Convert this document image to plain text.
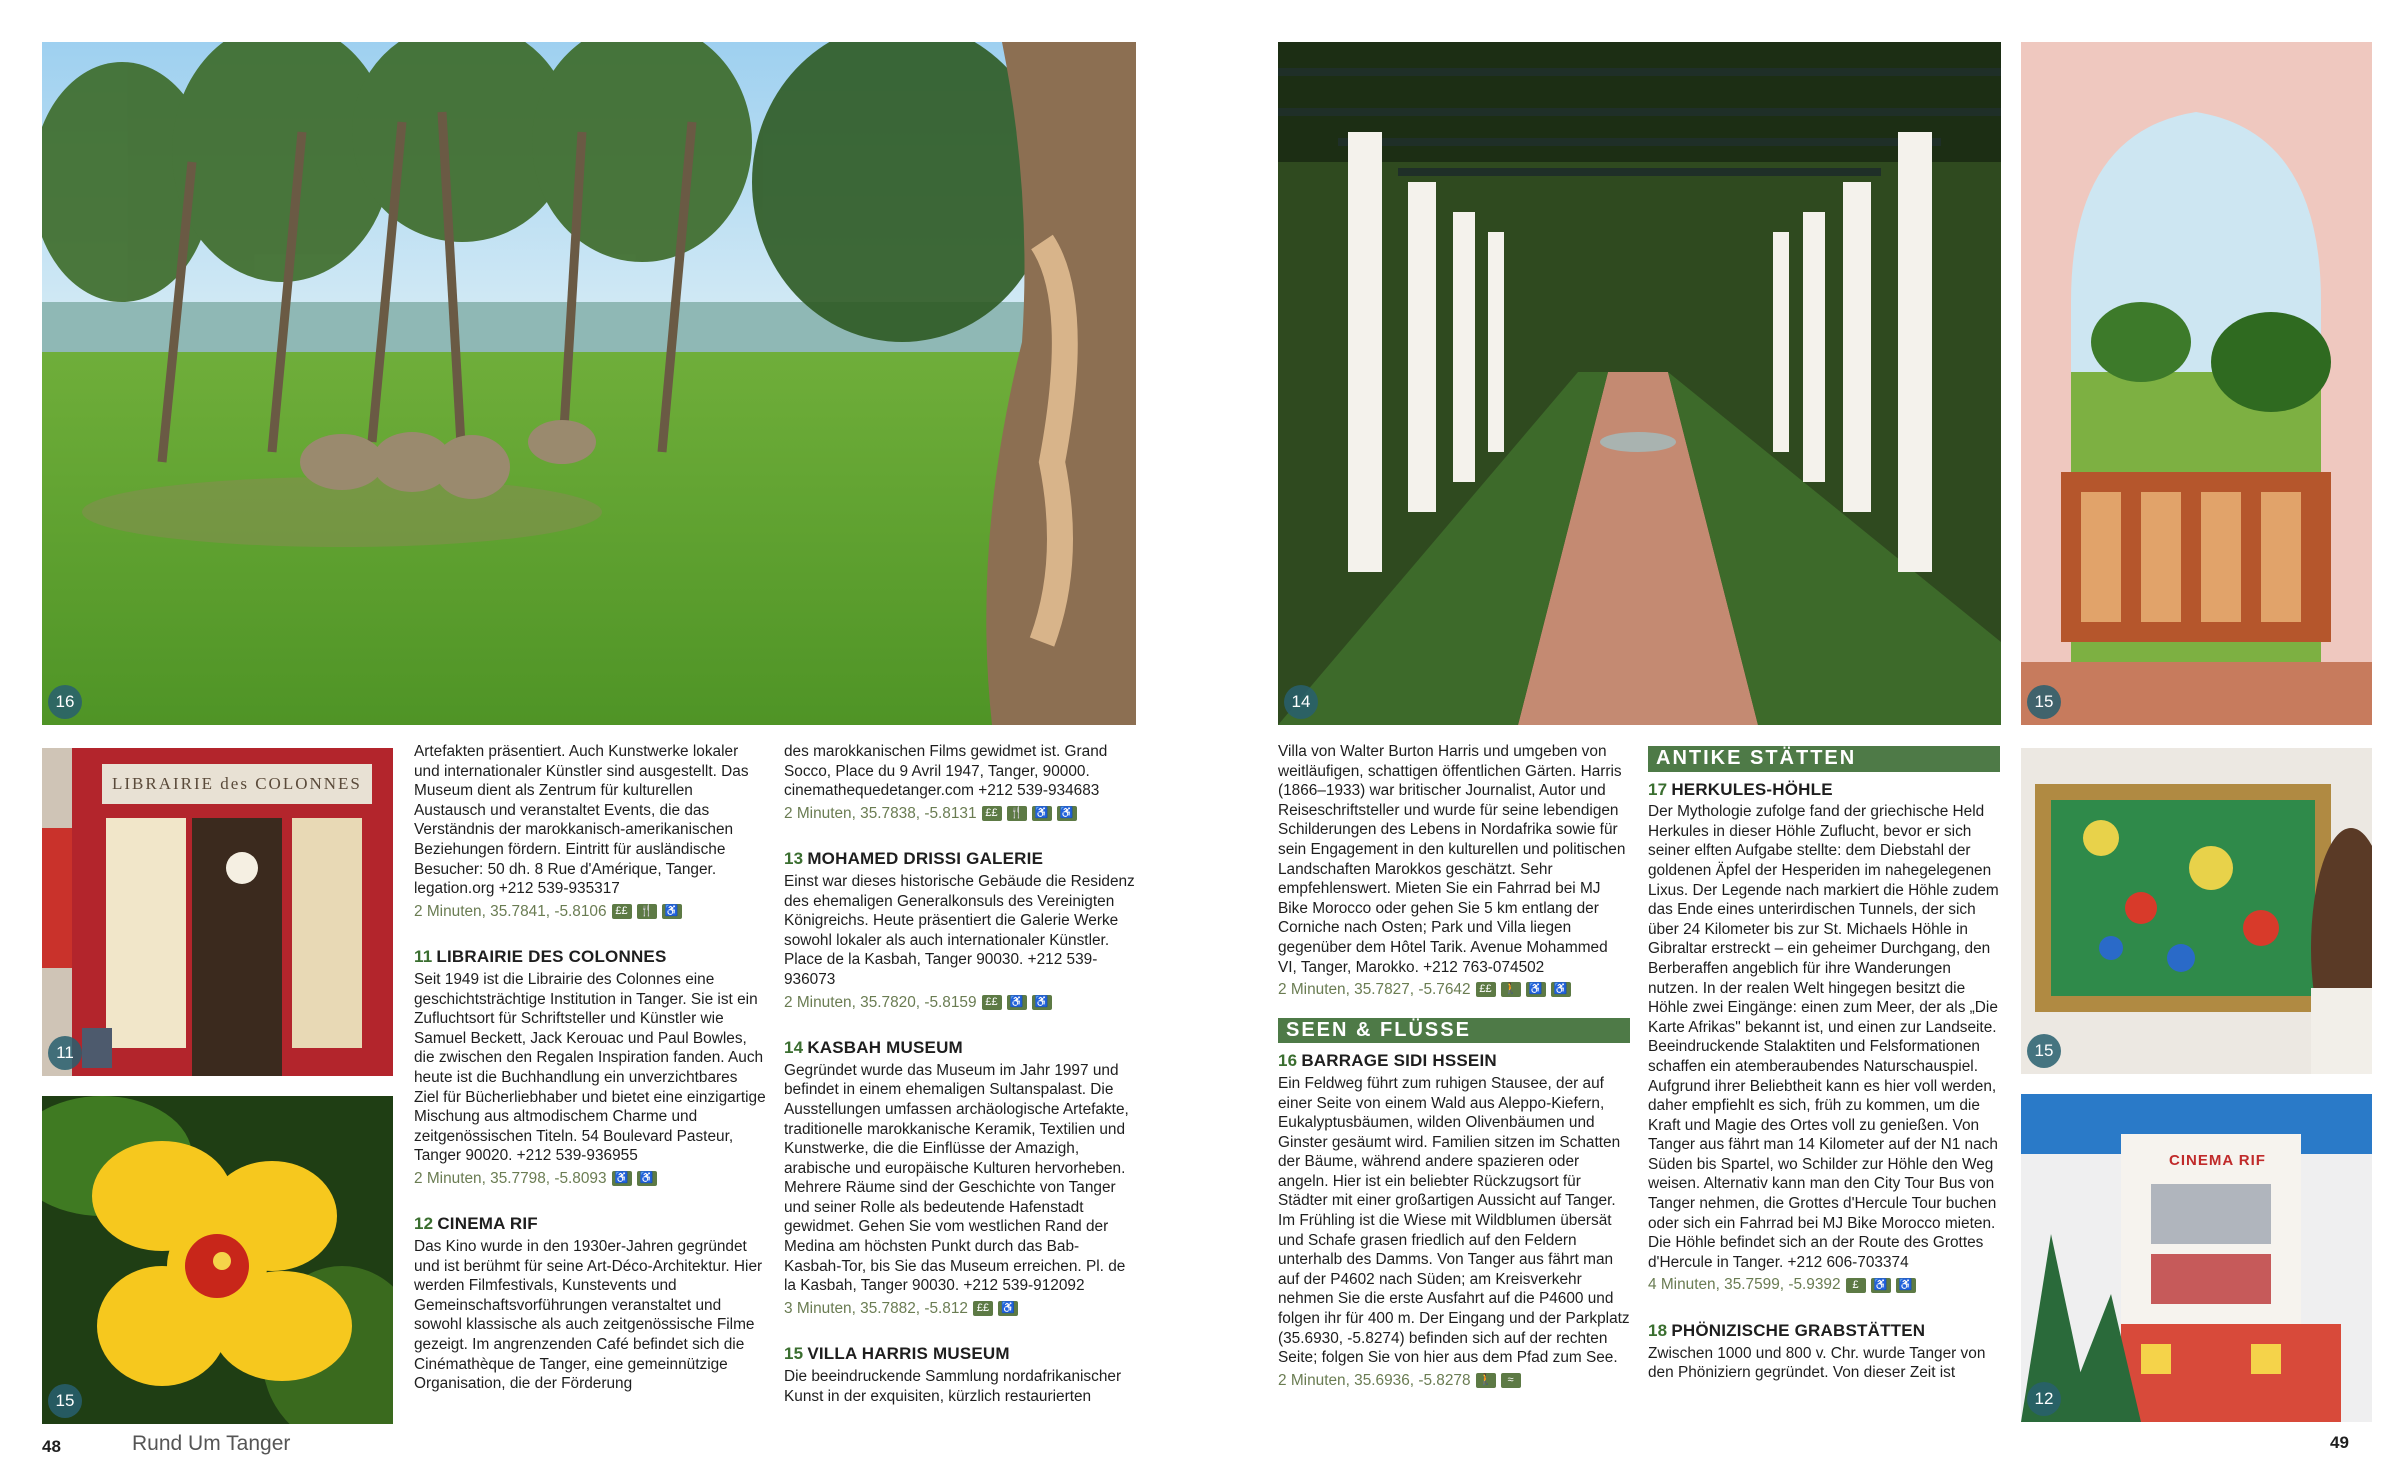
16
LIBRAIRIE des COLONNES
11
15
14	15
15
CINEMA RIF
12

Artefakten präsentiert. Auch Kunstwerke lokaler und internationaler Künstler sind ausgestellt. Das Museum dient als Zentrum für kulturellen Austausch und veranstaltet Events, die das Verständnis der marokkanisch-amerikanischen Beziehungen fördern. Eintritt für ausländische Besucher: 50 dh. 8 Rue d'Amérique, Tanger. legation.org +212 539-935317

2 Minuten, 35.7841, -5.8106 ££	🍴 ♿
11 LIBRAIRIE DES COLONNES

Seit 1949 ist die Librairie des Colonnes eine geschichtsträchtige Institution in Tanger. Sie ist ein Zufluchtsort für Schriftsteller und Künstler wie Samuel Beckett, Jack Kerouac und Paul Bowles, die zwischen den Regalen Inspiration fanden. Auch heute ist die Buchhandlung ein unverzichtbares Ziel für Bücherliebhaber und bietet eine einzigartige Mischung aus altmodischem Charme und zeitgenössischen Titeln. 54 Boulevard Pasteur, Tanger 90020. +212 539-936955

2 Minuten, 35.7798, -5.8093 ♿ ♿
12 CINEMA RIF

Das Kino wurde in den 1930er-Jahren gegründet und ist berühmt für seine Art-Déco-Architektur. Hier werden Filmfestivals, Kunstevents und Gemeinschaftsvorführungen veranstaltet und sowohl klassische als auch zeitgenössische Filme gezeigt. Im angrenzenden Café befindet sich die Cinémathèque de Tanger, eine gemeinnützige Organisation, die der Förderung

des marokkanischen Films gewidmet ist. Grand Socco, Place du 9 Avril 1947, Tanger, 90000. cinemathequedetanger.com +212 539-934683

2 Minuten, 35.7838, -5.8131 ££	🍴 ♿ ♿
13 MOHAMED DRISSI GALERIE

Einst war dieses historische Gebäude die Residenz des ehemaligen Generalkonsuls des Vereinigten Königreichs. Heute präsentiert die Galerie Werke sowohl lokaler als auch internationaler Künstler. Place de la Kasbah, Tanger 90030. +212 539-936073

2 Minuten, 35.7820, -5.8159 ££	♿ ♿
14 KASBAH MUSEUM

Gegründet wurde das Museum im Jahr 1997 und befindet in einem ehemaligen Sultanspalast. Die Ausstellungen umfassen archäologische Artefakte, traditionelle marokkanische Keramik, Textilien und Kunstwerke, die die Einflüsse der Amazigh, arabische und europäische Kulturen hervorheben. Mehrere Räume sind der Geschichte von Tanger und seiner Rolle als bedeutende Hafenstadt gewidmet. Gehen Sie vom westlichen Rand der Medina am höchsten Punkt durch das Bab-Kasbah-Tor, bis Sie das Museum erreichen. Pl. de la Kasbah, Tanger 90030. +212 539-912092

3 Minuten, 35.7882, -5.812 ££	♿
15 VILLA HARRIS MUSEUM

Die beeindruckende Sammlung nordafrikanischer Kunst in der exquisiten, kürzlich restaurierten

Villa von Walter Burton Harris und umgeben von weitläufigen, schattigen öffentlichen Gärten. Harris (1866–1933) war britischer Journalist, Autor und Reiseschriftsteller und wurde für seine lebendigen Schilderungen des Lebens in Nordafrika sowie für sein Engagement in den kulturellen und politischen Landschaften Marokkos geschätzt. Sehr empfehlenswert. Mieten Sie ein Fahrrad bei MJ Bike Morocco oder gehen Sie 5 km entlang der Corniche nach Osten; Park und Villa liegen gegenüber dem Hôtel Tarik. Avenue Mohammed VI, Tanger, Marokko. +212 763-074502

2 Minuten, 35.7827, -5.7642 ££	🚶 ♿ ♿
SEEN & FLÜSSE
16 BARRAGE SIDI HSSEIN

Ein Feldweg führt zum ruhigen Stausee, der auf einer Seite von einem Wald aus Aleppo-Kiefern, Eukalyptusbäumen, wilden Olivenbäumen und Ginster gesäumt wird. Familien sitzen im Schatten der Bäume, während andere spazieren oder angeln. Hier ist ein beliebter Rückzugsort für Städter mit einer großartigen Aussicht auf Tanger. Im Frühling ist die Wiese mit Wildblumen übersät und Schafe grasen friedlich auf den Feldern unterhalb des Damms. Von Tanger aus fährt man auf der P4602 nach Süden; am Kreisverkehr nehmen Sie die erste Ausfahrt auf die P4600 und folgen ihr für 400 m. Der Eingang und der Parkplatz (35.6930, -5.8274) befinden sich auf der rechten Seite; folgen Sie von hier aus dem Pfad zum See.

2 Minuten, 35.6936, -5.8278 🚶	≈
ANTIKE STÄTTEN
17 HERKULES-HÖHLE

Der Mythologie zufolge fand der griechische Held Herkules in dieser Höhle Zuflucht, bevor er sich seiner elften Aufgabe stellte: dem Diebstahl der goldenen Äpfel der Hesperiden im nahegelegenen Lixus. Der Legende nach markiert die Höhle zudem das Ende eines unterirdischen Tunnels, der sich über 24 Kilometer bis zur St. Michaels Höhle in Gibraltar erstreckt – ein geheimer Durchgang, den Berberaffen angeblich für ihre Wanderungen nutzen. In der realen Welt hingegen besitzt die Höhle zwei Eingänge: einen zum Meer, der als „Die Karte Afrikas" bekannt ist, und einen zur Landseite. Beeindruckende Stalaktiten und Felsformationen schaffen ein atemberaubendes Naturschauspiel. Aufgrund ihrer Beliebtheit kann es hier voll werden, daher empfiehlt es sich, früh zu kommen, um die Kraft und Magie des Ortes voll zu genießen. Von Tanger aus fährt man 14 Kilometer auf der N1 nach Süden bis Spartel, wo Schilder zur Höhle den Weg weisen. Alternativ kann man den City Tour Bus von Tanger nehmen, die Grottes d'Hercule Tour buchen oder sich ein Fahrrad bei MJ Bike Morocco mieten. Die Höhle befindet sich an der Route des Grottes d'Hercule in Tanger. +212 606-703374

4 Minuten, 35.7599, -5.9392	£	♿ ♿
18 PHÖNIZISCHE GRABSTÄTTEN

Zwischen 1000 und 800 v. Chr. wurde Tanger von den Phöniziern gegründet. Von dieser Zeit ist

48	Rund Um Tanger	49
